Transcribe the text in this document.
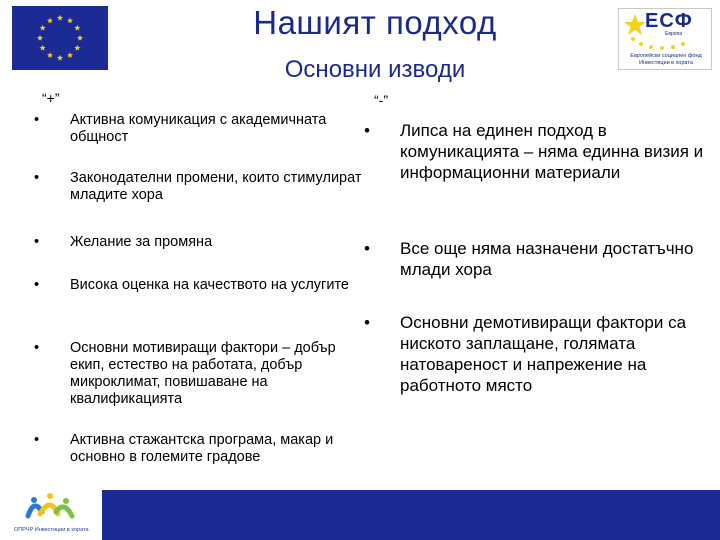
Нашият подход
Основни изводи
ЕСФ
Европа
Европейски социален фонд
Инвестиции в хората
“+”
•	Активна комуникация с академичната общност
•	Законодателни промени, които стимулират младите хора
•	Желание за промяна
•	Висока оценка на качеството на услугите
•	Основни мотивиращи фактори – добър екип, естество на работата, добър микроклимат, повишаване на квалификацията
•	Активна стажантска програма, макар и основно в големите градове
“-”
•	Липса на единен подход в комуникацията – няма единна визия и информационни материали
•	Все още няма назначени достатъчно млади хора
•	Основни демотивиращи фактори са ниското заплащане, голямата натовареност и напрежение на работното място
ОПРЧР Инвестиции в хората
